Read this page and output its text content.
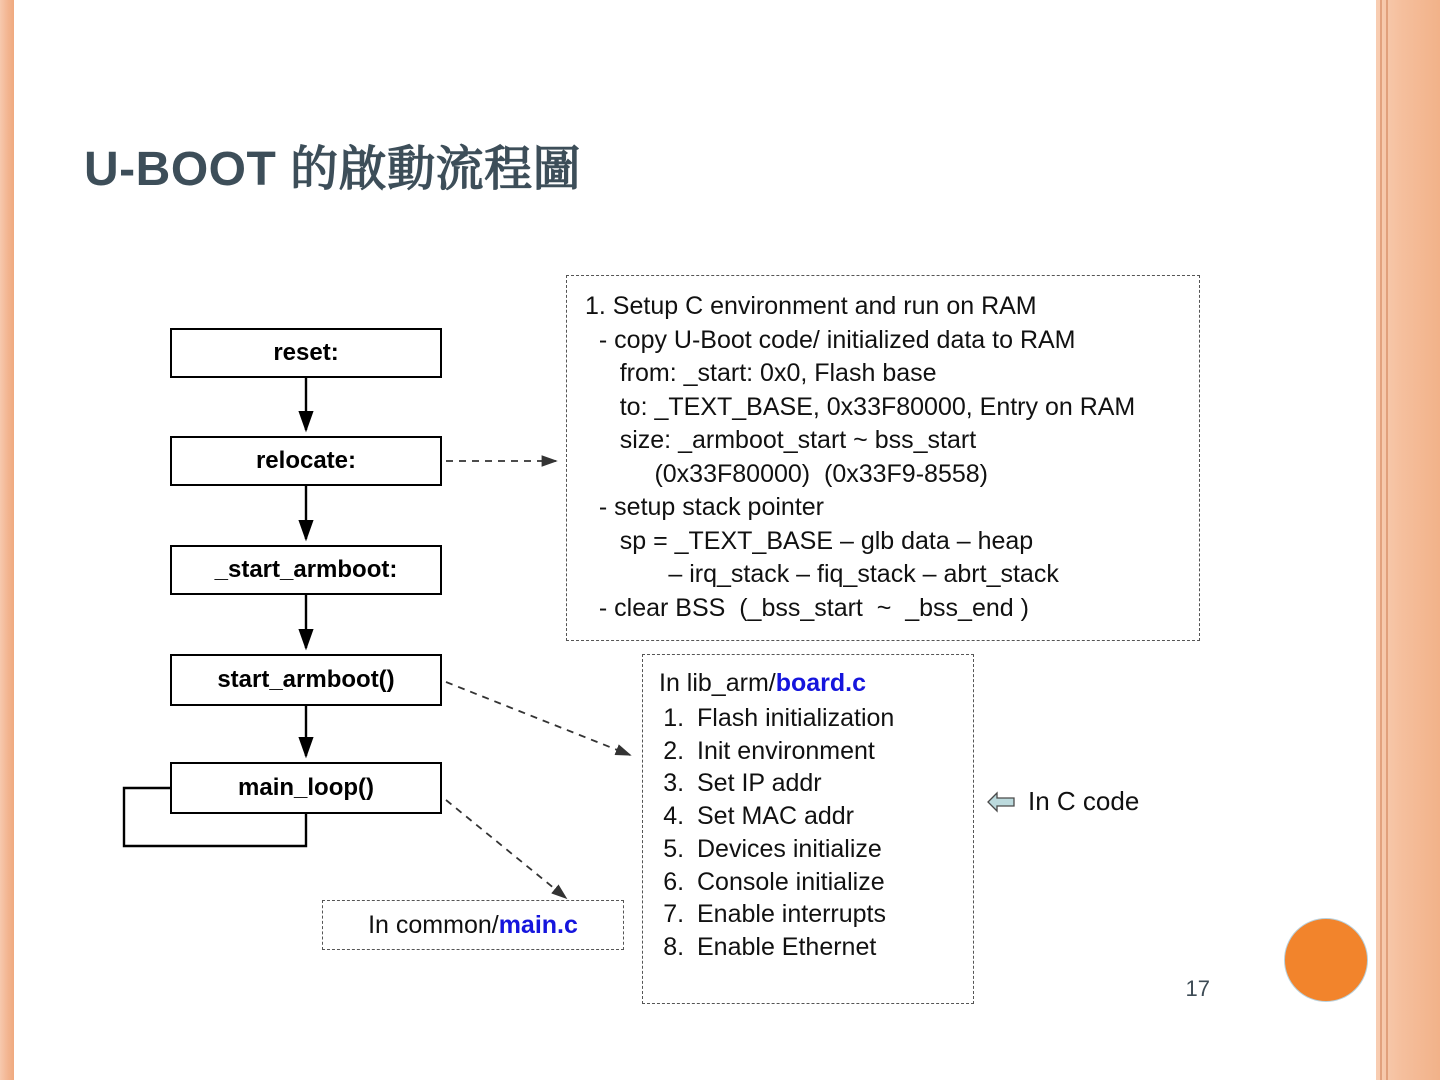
U-BOOT 的啟動流程圖
reset:
relocate:
_start_armboot:
start_armboot()
main_loop()
1. Setup C environment and run on RAM
- copy U-Boot code/ initialized data to RAM
from: _start: 0x0, Flash base
to: _TEXT_BASE, 0x33F80000, Entry on RAM
size: _armboot_start ~ bss_start
(0x33F80000)  (0x33F9-8558)
- setup stack pointer
sp = _TEXT_BASE – glb data – heap
– irq_stack – fiq_stack – abrt_stack
- clear BSS  (_bss_start  ~  _bss_end )
In lib_arm/board.c
1. Flash initialization
2. Init environment
3. Set IP addr
4. Set MAC addr
5. Devices initialize
6. Console initialize
7. Enable interrupts
8. Enable Ethernet
In common/ main.c
In C code
17
